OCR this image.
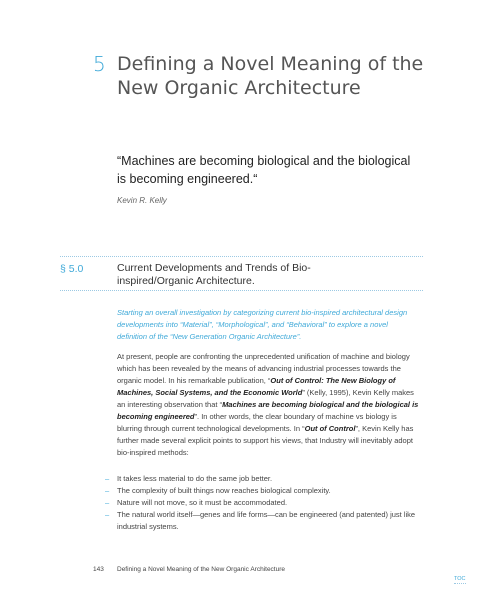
5 Defining a Novel Meaning of the New Organic Architecture
“Machines are becoming biological and the biological is becoming engineered.“
Kevin R. Kelly
§ 5.0	Current Developments and Trends of Bio-inspired/Organic Architecture.
Starting an overall investigation by categorizing current bio-inspired architectural design developments into “Material”, “Morphological”, and “Behavioral” to explore a novel definition of the “New Generation Organic Architecture”.
At present, people are confronting the unprecedented unification of machine and biology which has been revealed by the means of advancing industrial processes towards the organic model. In his remarkable publication, “Out of Control: The New Biology of Machines, Social Systems, and the Economic World” (Kelly, 1995), Kevin Kelly makes an interesting observation that “Machines are becoming biological and the biological is becoming engineered”. In other words, the clear boundary of machine vs biology is blurring through current technological developments. In “Out of Control”, Kevin Kelly has further made several explicit points to support his views, that Industry will inevitably adopt bio-inspired methods:
– It takes less material to do the same job better.
– The complexity of built things now reaches biological complexity.
– Nature will not move, so it must be accommodated.
– The natural world itself—genes and life forms—can be engineered (and patented) just like industrial systems.
143 Defining a Novel Meaning of the New Organic Architecture
TOC
